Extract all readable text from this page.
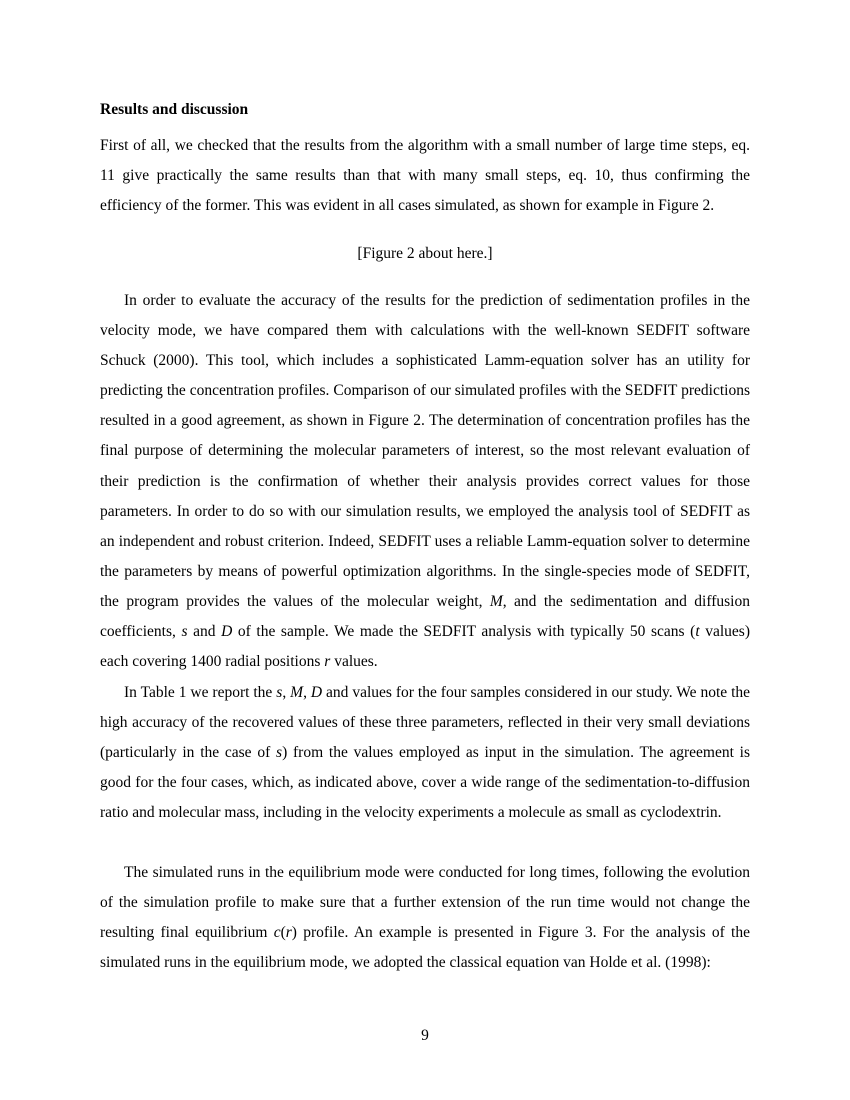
Results and discussion

First of all, we checked that the results from the algorithm with a small number of large time steps, eq. 11 give practically the same results than that with many small steps, eq. 10, thus confirming the efficiency of the former. This was evident in all cases simulated, as shown for example in Figure 2.

[Figure 2 about here.]

In order to evaluate the accuracy of the results for the prediction of sedimentation profiles in the velocity mode, we have compared them with calculations with the well-known SEDFIT software Schuck (2000). This tool, which includes a sophisticated Lamm-equation solver has an utility for predicting the concentration profiles. Comparison of our simulated profiles with the SEDFIT predictions resulted in a good agreement, as shown in Figure 2. The determination of concentration profiles has the final purpose of determining the molecular parameters of interest, so the most relevant evaluation of their prediction is the confirmation of whether their analysis provides correct values for those parameters. In order to do so with our simulation results, we employed the analysis tool of SEDFIT as an independent and robust criterion. Indeed, SEDFIT uses a reliable Lamm-equation solver to determine the parameters by means of powerful optimization algorithms. In the single-species mode of SEDFIT, the program provides the values of the molecular weight, M, and the sedimentation and diffusion coefficients, s and D of the sample. We made the SEDFIT analysis with typically 50 scans (t values) each covering 1400 radial positions r values.

In Table 1 we report the s, M, D and values for the four samples considered in our study. We note the high accuracy of the recovered values of these three parameters, reflected in their very small deviations (particularly in the case of s) from the values employed as input in the simulation. The agreement is good for the four cases, which, as indicated above, cover a wide range of the sedimentation-to-diffusion ratio and molecular mass, including in the velocity experiments a molecule as small as cyclodextrin.

The simulated runs in the equilibrium mode were conducted for long times, following the evolution of the simulation profile to make sure that a further extension of the run time would not change the resulting final equilibrium c(r) profile. An example is presented in Figure 3. For the analysis of the simulated runs in the equilibrium mode, we adopted the classical equation van Holde et al. (1998):

9
